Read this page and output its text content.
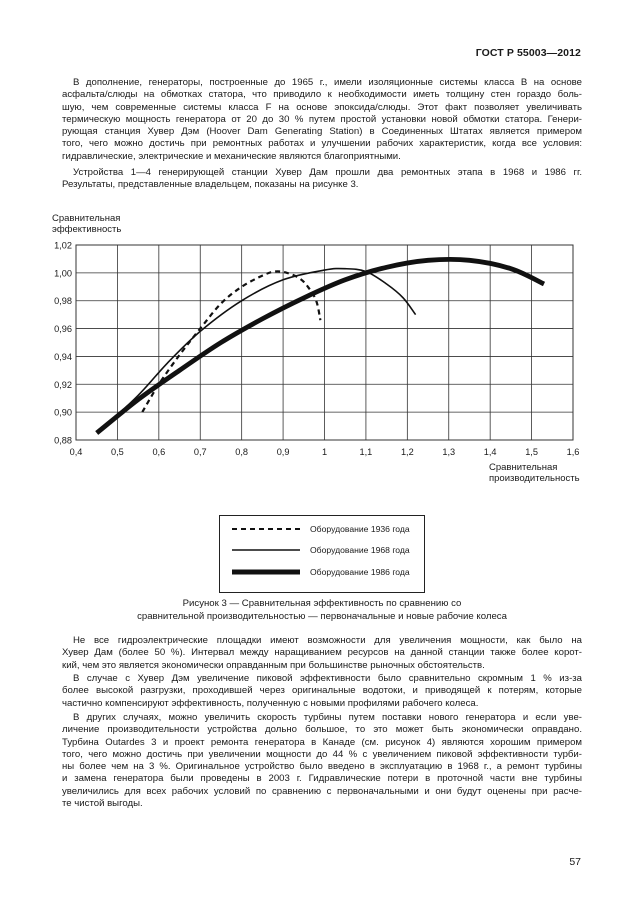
ГОСТ Р 55003—2012
В дополнение, генераторы, построенные до 1965 г., имели изоляционные системы класса B на основе
асфальта/слюды на обмотках статора, что приводило к необходимости иметь толщину стен гораздо боль-
шую, чем современные системы класса F на основе эпоксида/слюды. Этот факт позволяет увеличивать
термическую мощность генератора от 20 до 30 % путем простой установки новой обмотки статора. Генери-
рующая станция Хувер Дэм (Hoover Dam Generating Station) в Соединенных Штатах является примером
того, чего можно достичь при ремонтных работах и улучшении рабочих характеристик, когда все условия:
гидравлические, электрические и механические являются благоприятными.
Устройства 1—4 генерирующей станции Хувер Дам прошли два ремонтных этапа в 1968 и 1986 гг.
Результаты, представленные владельцем, показаны на рисунке 3.
Сравнительная
эффективность
0,88
0,90
0,92
0,94
0,96
0,98
1,00
1,02
0,4	0,5	0,6	0,7	0,8	0,9	1	1,1	1,2	1,3	1,4	1,5	1,6
Сравнительная
производительность
Оборудование 1936 года
Оборудование 1968 года
Оборудование 1986 года
Рисунок 3 — Сравнительная эффективность по сравнению со
сравнительной производительностью — первоначальные и новые рабочие колеса
Не все гидроэлектрические площадки имеют возможности для увеличения мощности, как было на
Хувер Дам (более 50 %). Интервал между наращиванием ресурсов на данной станции также более корот-
кий, чем это является экономически оправданным при большинстве рыночных обстоятельств.
В случае с Хувер Дэм увеличение пиковой эффективности было сравнительно скромным 1 % из-за
более высокой разгрузки, проходившей через оригинальные водотоки, и приводящей к потерям, которые
частично компенсируют эффективность, полученную с новыми профилями рабочего колеса.
В других случаях, можно увеличить скорость турбины путем поставки нового генератора и если уве-
личение производительности устройства дольно большое, то это может быть экономически оправдано.
Турбина Outardes 3 и проект ремонта генератора в Канаде (см. рисунок 4) являются хорошим примером
того, чего можно достичь при увеличении мощности до 44 % с увеличением пиковой эффективности турби-
ны более чем на 3 %. Оригинальное устройство было введено в эксплуатацию в 1968 г., а ремонт турбины
и замена генератора были проведены в 2003 г. Гидравлические потери в проточной части вне турбины
увеличились для всех рабочих условий по сравнению с первоначальными и они будут оценены при расче-
те чистой выгоды.
57
